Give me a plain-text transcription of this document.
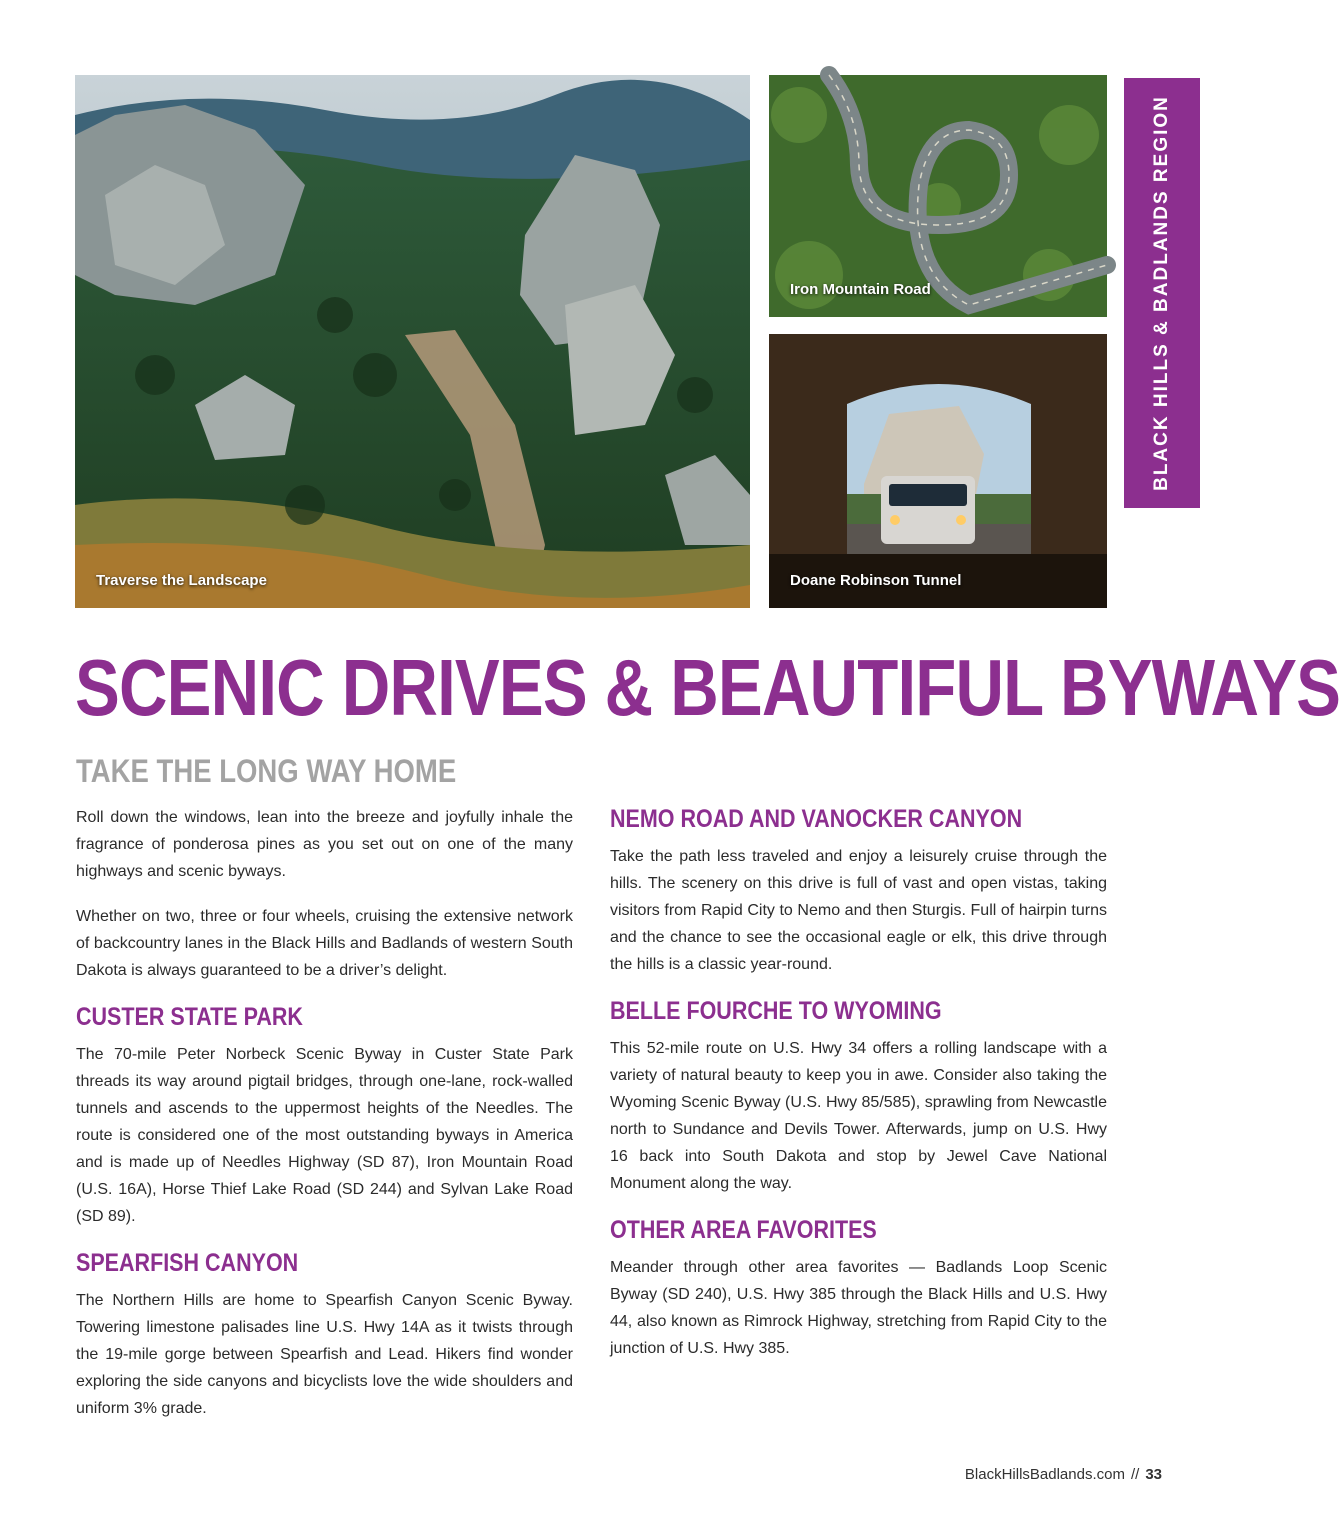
Traverse the Landscape
Iron Mountain Road
Doane Robinson Tunnel
BLACK HILLS & BADLANDS REGION
SCENIC DRIVES & BEAUTIFUL BYWAYS
TAKE THE LONG WAY HOME

Roll down the windows, lean into the breeze and joyfully inhale the fragrance of ponderosa pines as you set out on one of the many highways and scenic byways.

Whether on two, three or four wheels, cruising the extensive network of backcountry lanes in the Black Hills and Badlands of western South Dakota is always guaranteed to be a driver’s delight.

CUSTER STATE PARK

The 70-mile Peter Norbeck Scenic Byway in Custer State Park threads its way around pigtail bridges, through one-lane, rock-walled tunnels and ascends to the uppermost heights of the Needles. The route is considered one of the most outstanding byways in America and is made up of Needles Highway (SD 87), Iron Mountain Road (U.S. 16A), Horse Thief Lake Road (SD 244) and Sylvan Lake Road (SD 89).

SPEARFISH CANYON

The Northern Hills are home to Spearfish Canyon Scenic Byway. Towering limestone palisades line U.S. Hwy 14A as it twists through the 19-mile gorge between Spearfish and Lead. Hikers find wonder exploring the side canyons and bicyclists love the wide shoulders and uniform 3% grade.

NEMO ROAD AND VANOCKER CANYON

Take the path less traveled and enjoy a leisurely cruise through the hills. The scenery on this drive is full of vast and open vistas, taking visitors from Rapid City to Nemo and then Sturgis. Full of hairpin turns and the chance to see the occasional eagle or elk, this drive through the hills is a classic year-round.

BELLE FOURCHE TO WYOMING

This 52-mile route on U.S. Hwy 34 offers a rolling landscape with a variety of natural beauty to keep you in awe. Consider also taking the Wyoming Scenic Byway (U.S. Hwy 85/585), sprawling from Newcastle north to Sundance and Devils Tower. Afterwards, jump on U.S. Hwy 16 back into South Dakota and stop by Jewel Cave National Monument along the way.

OTHER AREA FAVORITES

Meander through other area favorites — Badlands Loop Scenic Byway (SD 240), U.S. Hwy 385 through the Black Hills and U.S. Hwy 44, also known as Rimrock Highway, stretching from Rapid City to the junction of U.S. Hwy 385.

BlackHillsBadlands.com // 33
